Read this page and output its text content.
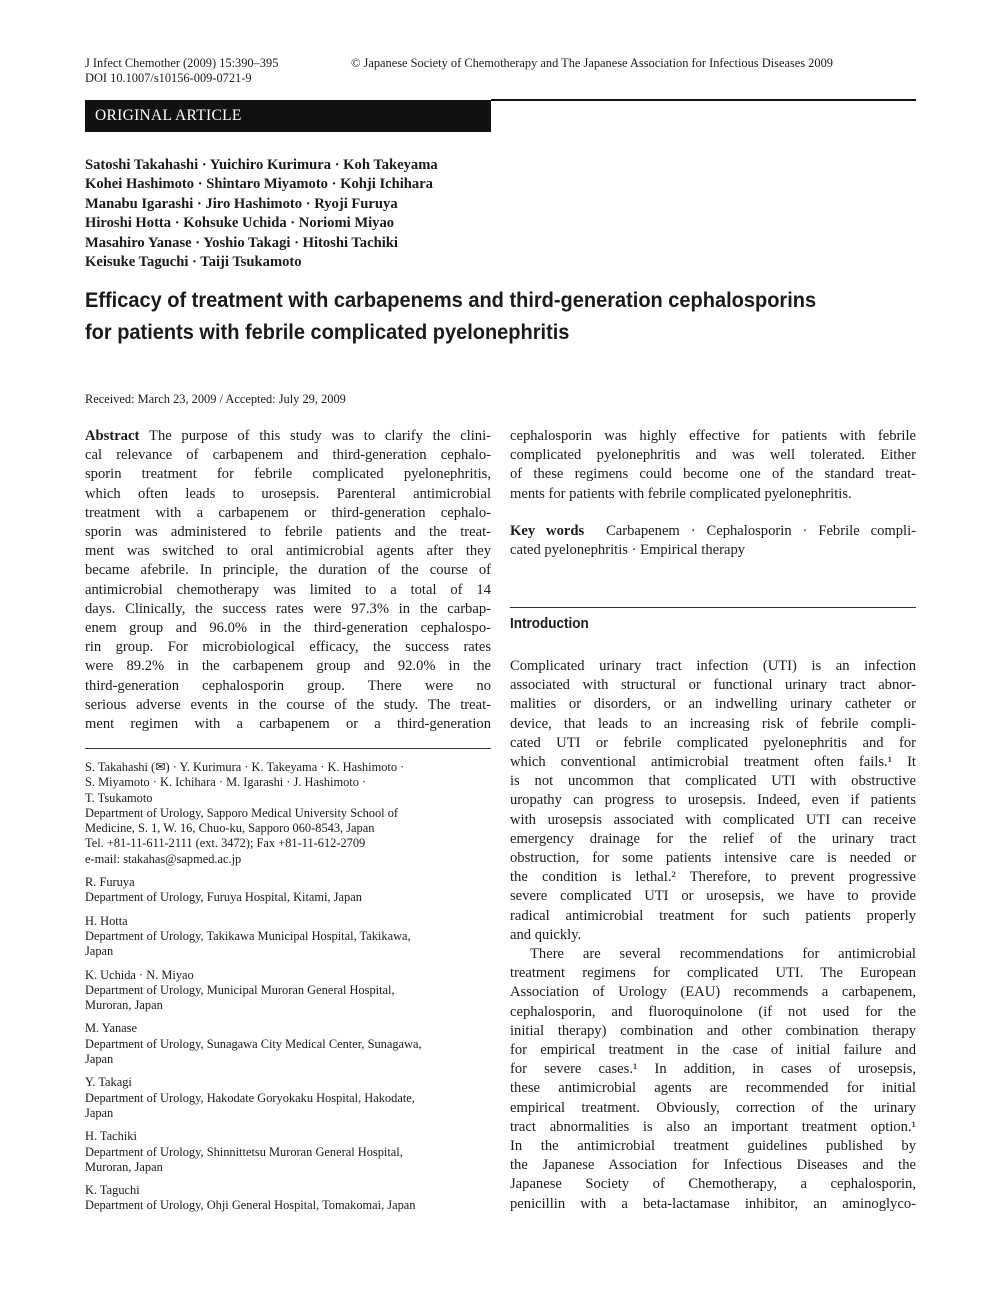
J Infect Chemother (2009) 15:390–395
DOI 10.1007/s10156-009-0721-9
© Japanese Society of Chemotherapy and The Japanese Association for Infectious Diseases 2009
ORIGINAL ARTICLE
Satoshi Takahashi · Yuichiro Kurimura · Koh Takeyama
Kohei Hashimoto · Shintaro Miyamoto · Kohji Ichihara
Manabu Igarashi · Jiro Hashimoto · Ryoji Furuya
Hiroshi Hotta · Kohsuke Uchida · Noriomi Miyao
Masahiro Yanase · Yoshio Takagi · Hitoshi Tachiki
Keisuke Taguchi · Taiji Tsukamoto
Efficacy of treatment with carbapenems and third-generation cephalosporins
for patients with febrile complicated pyelonephritis
Received: March 23, 2009 / Accepted: July 29, 2009
Abstract The purpose of this study was to clarify the clini-
cal relevance of carbapenem and third-generation cephalo-
sporin treatment for febrile complicated pyelonephritis,
which often leads to urosepsis. Parenteral antimicrobial
treatment with a carbapenem or third-generation cephalo-
sporin was administered to febrile patients and the treat-
ment was switched to oral antimicrobial agents after they
became afebrile. In principle, the duration of the course of
antimicrobial chemotherapy was limited to a total of 14
days. Clinically, the success rates were 97.3% in the carbap-
enem group and 96.0% in the third-generation cephalospo-
rin group. For microbiological efficacy, the success rates
were 89.2% in the carbapenem group and 92.0% in the
third-generation cephalosporin group. There were no
serious adverse events in the course of the study. The treat-
ment regimen with a carbapenem or a third-generation
S. Takahashi (✉) · Y. Kurimura · K. Takeyama · K. Hashimoto ·
S. Miyamoto · K. Ichihara · M. Igarashi · J. Hashimoto ·
T. Tsukamoto
Department of Urology, Sapporo Medical University School of
Medicine, S. 1, W. 16, Chuo-ku, Sapporo 060-8543, Japan
Tel. +81-11-611-2111 (ext. 3472); Fax +81-11-612-2709
e-mail: stakahas@sapmed.ac.jp
R. Furuya
Department of Urology, Furuya Hospital, Kitami, Japan
H. Hotta
Department of Urology, Takikawa Municipal Hospital, Takikawa,
Japan
K. Uchida · N. Miyao
Department of Urology, Municipal Muroran General Hospital,
Muroran, Japan
M. Yanase
Department of Urology, Sunagawa City Medical Center, Sunagawa,
Japan
Y. Takagi
Department of Urology, Hakodate Goryokaku Hospital, Hakodate,
Japan
H. Tachiki
Department of Urology, Shinnittetsu Muroran General Hospital,
Muroran, Japan
K. Taguchi
Department of Urology, Ohji General Hospital, Tomakomai, Japan
cephalosporin was highly effective for patients with febrile
complicated pyelonephritis and was well tolerated. Either
of these regimens could become one of the standard treat-
ments for patients with febrile complicated pyelonephritis.
Key words Carbapenem · Cephalosporin · Febrile compli-
cated pyelonephritis · Empirical therapy
Introduction
Complicated urinary tract infection (UTI) is an infection
associated with structural or functional urinary tract abnor-
malities or disorders, or an indwelling urinary catheter or
device, that leads to an increasing risk of febrile compli-
cated UTI or febrile complicated pyelonephritis and for
which conventional antimicrobial treatment often fails.¹ It
is not uncommon that complicated UTI with obstructive
uropathy can progress to urosepsis. Indeed, even if patients
with urosepsis associated with complicated UTI can receive
emergency drainage for the relief of the urinary tract
obstruction, for some patients intensive care is needed or
the condition is lethal.² Therefore, to prevent progressive
severe complicated UTI or urosepsis, we have to provide
radical antimicrobial treatment for such patients properly
and quickly.
There are several recommendations for antimicrobial
treatment regimens for complicated UTI. The European
Association of Urology (EAU) recommends a carbapenem,
cephalosporin, and fluoroquinolone (if not used for the
initial therapy) combination and other combination therapy
for empirical treatment in the case of initial failure and
for severe cases.¹ In addition, in cases of urosepsis,
these antimicrobial agents are recommended for initial
empirical treatment. Obviously, correction of the urinary
tract abnormalities is also an important treatment option.¹
In the antimicrobial treatment guidelines published by
the Japanese Association for Infectious Diseases and the
Japanese Society of Chemotherapy, a cephalosporin,
penicillin with a beta-lactamase inhibitor, an aminoglyco-
